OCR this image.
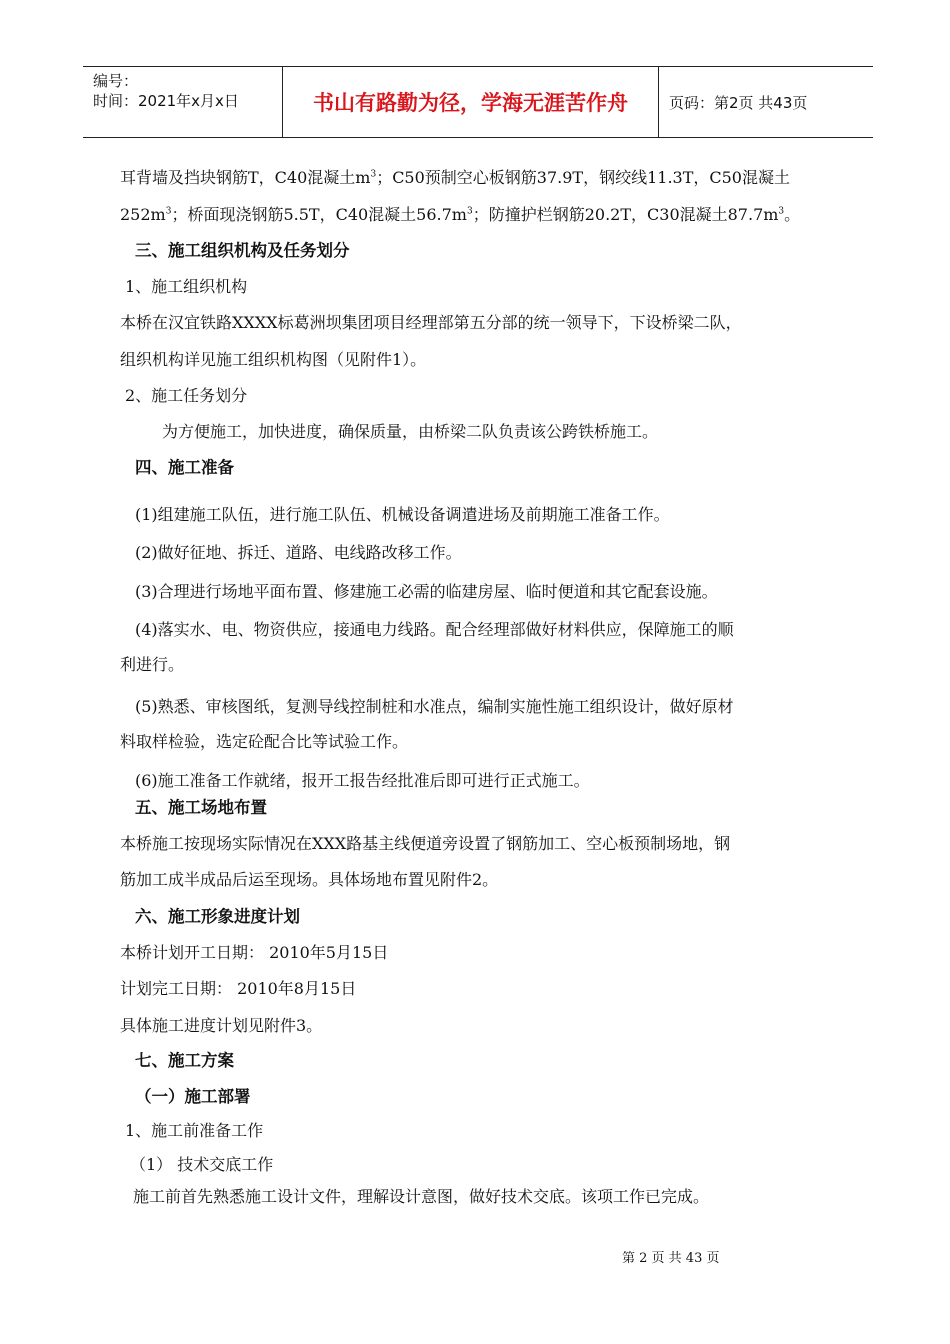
编号：
时间：2021年x月x日	书山有路勤为径，学海无涯苦作舟	页码：第2页 共43页
耳背墙及挡块钢筋T，C40混凝土$m^3$；C50预制空心板钢筋37.9T，钢绞线11.3T，C50混凝土
$252m^3$；桥面现浇钢筋5.5T，C40混凝土$56.7m^3$；防撞护栏钢筋20.2T，C30混凝土$87.7m^3$。
三、施工组织机构及任务划分
1、施工组织机构
本桥在汉宜铁路XXXX标葛洲坝集团项目经理部第五分部的统一领导下，下设桥梁二队，
组织机构详见施工组织机构图（见附件1）。
2、施工任务划分
为方便施工，加快进度，确保质量，由桥梁二队负责该公跨铁桥施工。
四、施工准备
(1)组建施工队伍，进行施工队伍、机械设备调遣进场及前期施工准备工作。
(2)做好征地、拆迁、道路、电线路改移工作。
(3)合理进行场地平面布置、修建施工必需的临建房屋、临时便道和其它配套设施。
(4)落实水、电、物资供应，接通电力线路。配合经理部做好材料供应，保障施工的顺
利进行。
(5)熟悉、审核图纸，复测导线控制桩和水准点，编制实施性施工组织设计，做好原材
料取样检验，选定砼配合比等试验工作。
(6)施工准备工作就绪，报开工报告经批准后即可进行正式施工。
五、施工场地布置
本桥施工按现场实际情况在XXX路基主线便道旁设置了钢筋加工、空心板预制场地，钢
筋加工成半成品后运至现场。具体场地布置见附件2。
六、施工形象进度计划
本桥计划开工日期： 2010年5月15日
计划完工日期： 2010年8月15日
具体施工进度计划见附件3。
七、施工方案
（一）施工部署
1、施工前准备工作
（1） 技术交底工作
施工前首先熟悉施工设计文件，理解设计意图，做好技术交底。该项工作已完成。
第 2 页 共 43 页
